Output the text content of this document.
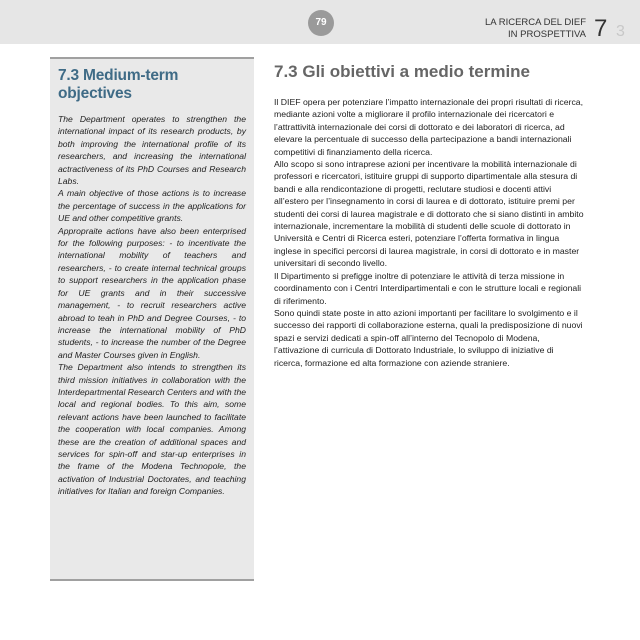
79	LA RICERCA DEL DIEF
IN PROSPETTIVA 7 3
7.3 Medium-term objectives

The Department operates to strengthen the international impact of its research products, by both improving the international profile of its researchers, and increasing the international actractiveness of its PhD Courses and Research Labs.

A main objective of those actions is to increase the percentage of success in the applications for UE and other competitive grants.

Appropraite actions have also been enterprised for the following purposes: - to incentivate the international mobility of teachers and researchers, - to create internal technical groups to support researchers in the application phase for UE grants and in their successive management, - to recruit researchers active abroad to teah in PhD and Degree Courses, - to increase the international mobility of PhD students, - to increase the number of the Degree and Master Courses given in English.

The Department also intends to strengthen its third mission initiatives in collaboration with the Interdepartmental Research Centers and with the local and regional bodies. To this aim, some relevant actions have been launched to facilitate the cooperation with local companies. Among these are the creation of additional spaces and services for spin-off and star-up enterprises in the frame of the Modena Technopole, the activation of Industrial Doctorates, and teaching initiatives for Italian and foreign Companies.

7.3 Gli obiettivi a medio termine

Il DIEF opera per potenziare l’impatto internazionale dei propri risultati di ricerca, mediante azioni volte a migliorare il profilo internazionale dei ricercatori e l’attrattività internazionale dei corsi di dottorato e dei laboratori di ricerca, ad elevare la percentuale di successo della partecipazione a bandi internazionali competitivi di finanziamento della ricerca.

Allo scopo si sono intraprese azioni per incentivare la mobilità internazionale di professori e ricercatori, istituire gruppi di supporto dipartimentale alla stesura di bandi e alla rendicontazione di progetti, reclutare studiosi e docenti attivi all’estero per l’insegnamento in corsi di laurea e di dottorato, istituire premi per studenti dei corsi di laurea magistrale e di dottorato che si siano distinti in ambito internazionale, incrementare la mobilità di studenti delle scuole di dottorato in Università e Centri di Ricerca esteri, potenziare l’offerta formativa in lingua inglese in specifici percorsi di laurea magistrale, in corsi di dottorato e in master universitari di secondo livello.

Il Dipartimento si prefigge inoltre di potenziare le attività di terza missione in coordinamento con i Centri Interdipartimentali e con le strutture locali e regionali di riferimento.

Sono quindi state poste in atto azioni importanti per facilitare lo svolgimento e il successo dei rapporti di collaborazione esterna, quali la predisposizione di nuovi spazi e servizi dedicati a spin-off all’interno del Tecnopolo di Modena, l’attivazione di curricula di Dottorato Industriale, lo sviluppo di iniziative di ricerca, formazione ed alta formazione con aziende straniere.
